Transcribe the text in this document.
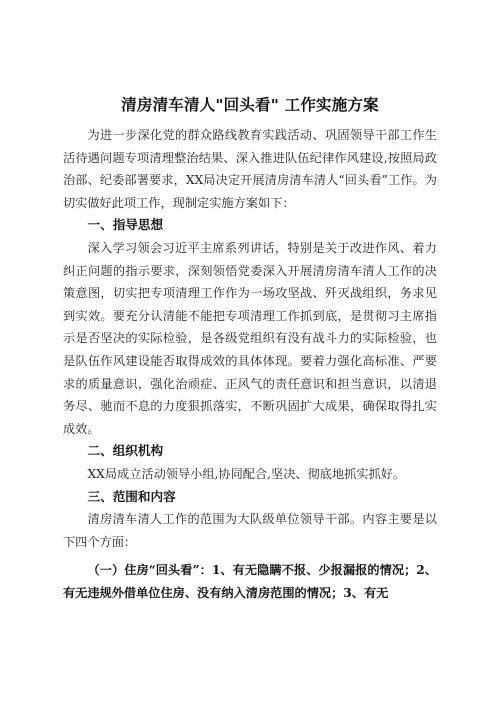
清房清车清人"回头看" 工作实施方案

为进一步深化党的群众路线教育实践活动、巩固领导干部工作生活待遇问题专项清理整治结果、深入推进队伍纪律作风建设,按照局政治部、纪委部署要求，XX局决定开展清房清车清人“回头看”工作。为切实做好此项工作，现制定实施方案如下：

一、指导思想

深入学习领会习近平主席系列讲话，特别是关于改进作风、着力纠正问题的指示要求，深刻领悟党委深入开展清房清车清人工作的决策意图，切实把专项清理工作作为一场攻坚战、歼灭战组织，务求见到实效。要充分认清能不能把专项清理工作抓到底，是贯彻习主席指示是否坚决的实际检验，是各级党组织有没有战斗力的实际检验，也是队伍作风建设能否取得成效的具体体现。要着力强化高标准、严要求的质量意识，强化治顽症、正风气的责任意识和担当意识，以清退务尽、驰而不息的力度狠抓落实，不断巩固扩大成果，确保取得扎实成效。

二、组织机构

XX局成立活动领导小组,协同配合,坚决、彻底地抓实抓好。

三、范围和内容

清房清车清人工作的范围为大队级单位领导干部。内容主要是以下四个方面：

（一）住房“回头看”：1、有无隐瞒不报、少报漏报的情况；2、有无违规外借单位住房、没有纳入清房范围的情况；3、有无
